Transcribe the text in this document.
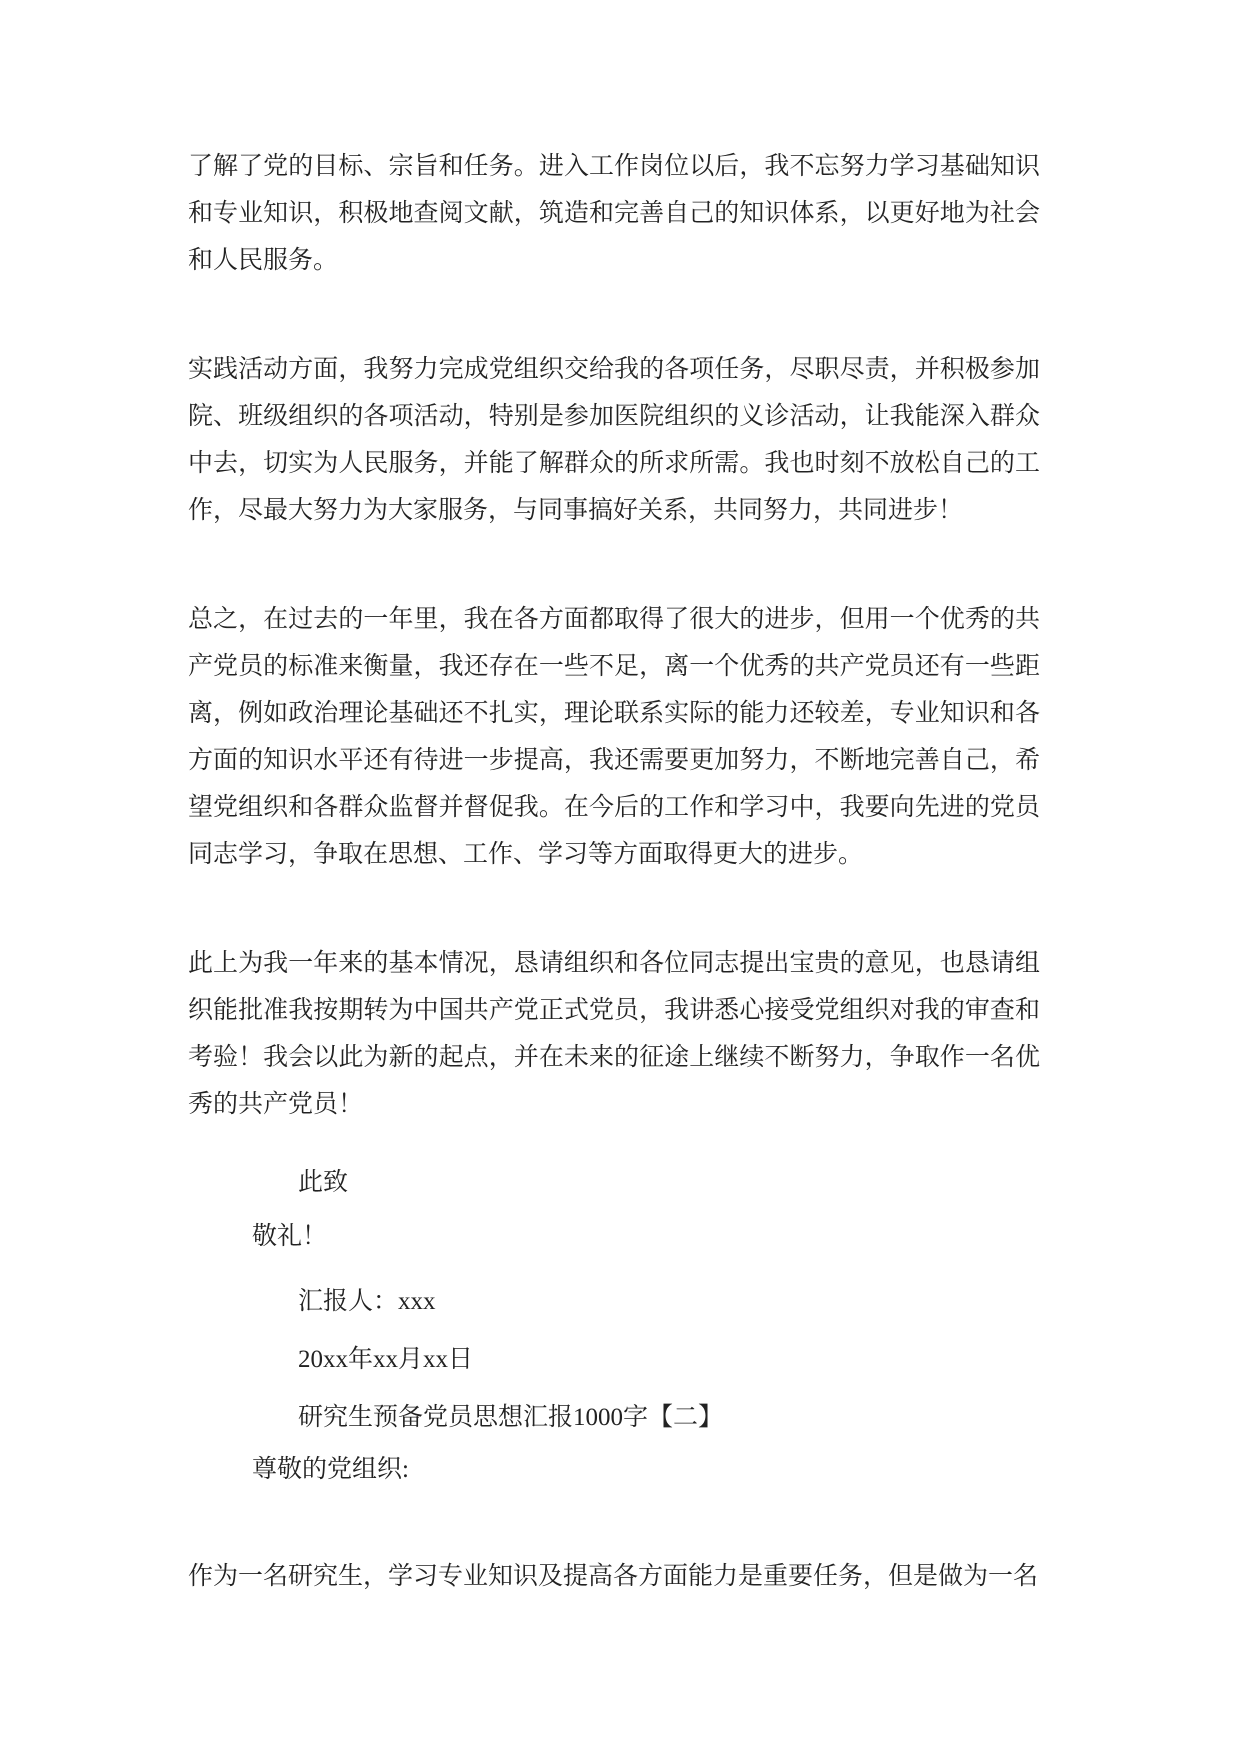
了解了党的目标、宗旨和任务。进入工作岗位以后，我不忘努力学习基础知识和专业知识，积极地查阅文献，筑造和完善自己的知识体系，以更好地为社会和人民服务。

实践活动方面，我努力完成党组织交给我的各项任务，尽职尽责，并积极参加院、班级组织的各项活动，特别是参加医院组织的义诊活动，让我能深入群众中去，切实为人民服务，并能了解群众的所求所需。我也时刻不放松自己的工作，尽最大努力为大家服务，与同事搞好关系，共同努力，共同进步！

总之，在过去的一年里，我在各方面都取得了很大的进步，但用一个优秀的共产党员的标准来衡量，我还存在一些不足，离一个优秀的共产党员还有一些距离，例如政治理论基础还不扎实，理论联系实际的能力还较差，专业知识和各方面的知识水平还有待进一步提高，我还需要更加努力，不断地完善自己，希望党组织和各群众监督并督促我。在今后的工作和学习中，我要向先进的党员同志学习，争取在思想、工作、学习等方面取得更大的进步。

此上为我一年来的基本情况，恳请组织和各位同志提出宝贵的意见，也恳请组织能批准我按期转为中国共产党正式党员，我讲悉心接受党组织对我的审查和考验！我会以此为新的起点，并在未来的征途上继续不断努力，争取作一名优秀的共产党员！

此致

敬礼！

汇报人：xxx

20xx年xx月xx日

研究生预备党员思想汇报1000字【二】

尊敬的党组织:

作为一名研究生，学习专业知识及提高各方面能力是重要任务，但是做为一名
